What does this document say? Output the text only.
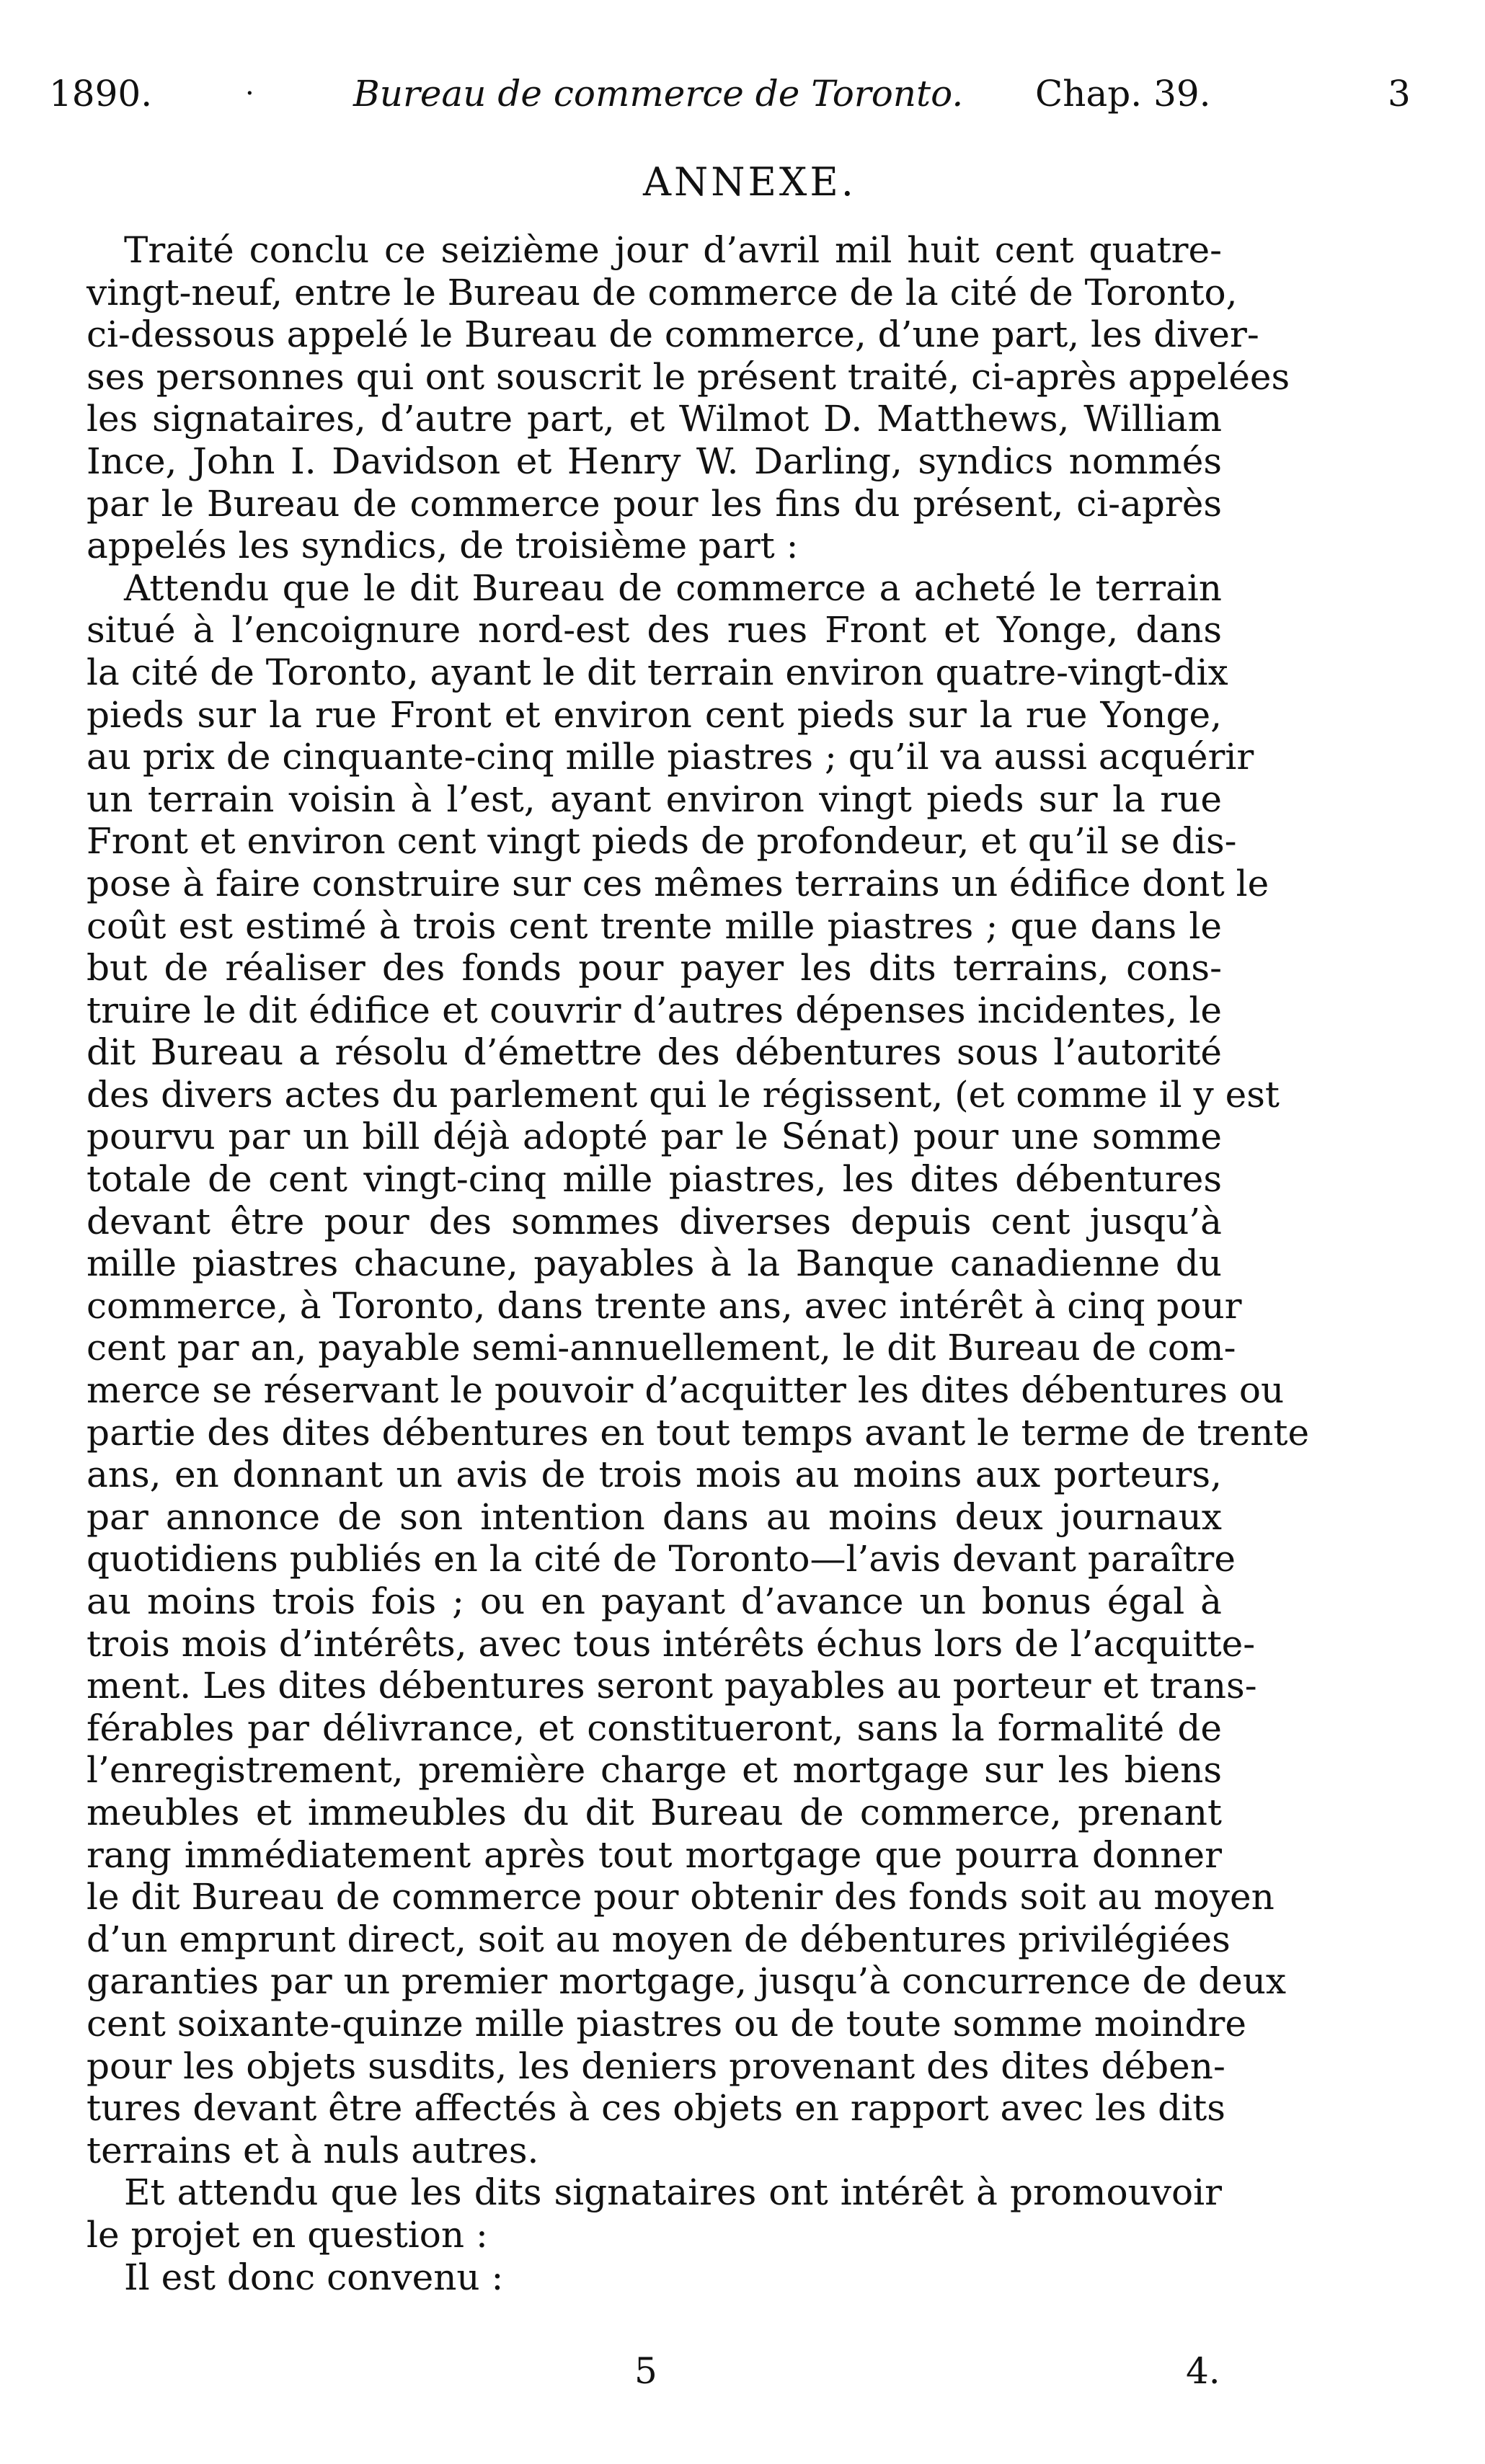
1890.	·	Bureau de commerce de Toronto. Chap. 39.	3
ANNEXE.
Traité conclu ce seizième jour d’avril mil huit cent quatre-
vingt-neuf, entre le Bureau de commerce de la cité de Toronto,
ci-dessous appelé le Bureau de commerce, d’une part, les diver-
ses personnes qui ont souscrit le présent traité, ci-après appelées
les signataires, d’autre part, et Wilmot D. Matthews, William
Ince, John I. Davidson et Henry W. Darling, syndics nommés
par le Bureau de commerce pour les fins du présent, ci-après
appelés les syndics, de troisième part :
Attendu que le dit Bureau de commerce a acheté le terrain
situé à l’encoignure nord-est des rues Front et Yonge, dans
la cité de Toronto, ayant le dit terrain environ quatre-vingt-dix
pieds sur la rue Front et environ cent pieds sur la rue Yonge,
au prix de cinquante-cinq mille piastres ; qu’il va aussi acquérir
un terrain voisin à l’est, ayant environ vingt pieds sur la rue
Front et environ cent vingt pieds de profondeur, et qu’il se dis-
pose à faire construire sur ces mêmes terrains un édifice dont le
coût est estimé à trois cent trente mille piastres ; que dans le
but de réaliser des fonds pour payer les dits terrains, cons-
truire le dit édifice et couvrir d’autres dépenses incidentes, le
dit Bureau a résolu d’émettre des débentures sous l’autorité
des divers actes du parlement qui le régissent, (et comme il y est
pourvu par un bill déjà adopté par le Sénat) pour une somme
totale de cent vingt-cinq mille piastres, les dites débentures
devant être pour des sommes diverses depuis cent jusqu’à
mille piastres chacune, payables à la Banque canadienne du
commerce, à Toronto, dans trente ans, avec intérêt à cinq pour
cent par an, payable semi-annuellement, le dit Bureau de com-
merce se réservant le pouvoir d’acquitter les dites débentures ou
partie des dites débentures en tout temps avant le terme de trente
ans, en donnant un avis de trois mois au moins aux porteurs,
par annonce de son intention dans au moins deux journaux
quotidiens publiés en la cité de Toronto—l’avis devant paraître
au moins trois fois ; ou en payant d’avance un bonus égal à
trois mois d’intérêts, avec tous intérêts échus lors de l’acquitte-
ment. Les dites débentures seront payables au porteur et trans-
férables par délivrance, et constitueront, sans la formalité de
l’enregistrement, première charge et mortgage sur les biens
meubles et immeubles du dit Bureau de commerce, prenant
rang immédiatement après tout mortgage que pourra donner
le dit Bureau de commerce pour obtenir des fonds soit au moyen
d’un emprunt direct, soit au moyen de débentures privilégiées
garanties par un premier mortgage, jusqu’à concurrence de deux
cent soixante-quinze mille piastres ou de toute somme moindre
pour les objets susdits, les deniers provenant des dites dében-
tures devant être affectés à ces objets en rapport avec les dits
terrains et à nuls autres.
Et attendu que les dits signataires ont intérêt à promouvoir
le projet en question :
Il est donc convenu :
5	4.
